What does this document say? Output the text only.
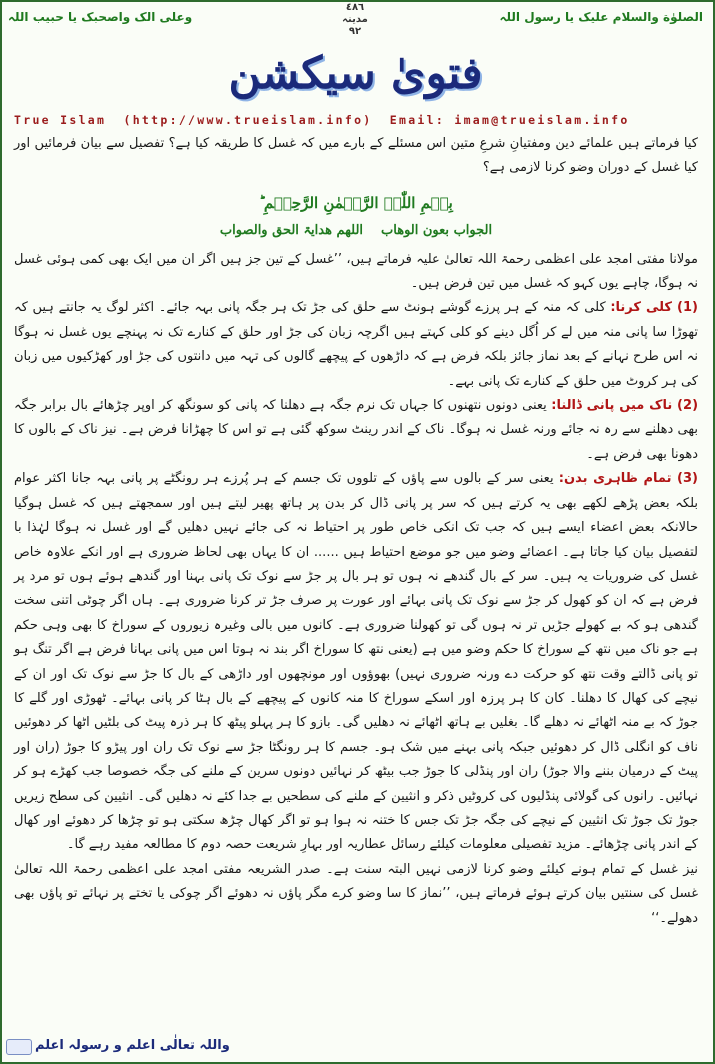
الصلوٰة والسلام علیک یا رسول اللہ
٤٨٦
مدینہ
٩٢
وعلی الک واصحبک یا حبیب اللہ
فتویٰ سیکشن
True Islam (http://www.trueislam.info) Email: imam@trueislam.info

کیا فرماتے ہیں علمائے دین ومفتیانِ شرعِ متین اس مسئلے کے بارے میں کہ غسل کا طریقہ کیا ہے؟ تفصیل سے بیان فرمائیں اور کیا غسل کے دوران وضو کرنا لازمی ہے؟

بِسۡمِ اللّٰہِ الرَّحۡمٰنِ الرَّحِیۡمِ ؕ
الجواب بعون الوھاباللھم ھدایۃ الحق والصواب

مولانا مفتی امجد علی اعظمی رحمۃ اللہ تعالیٰ علیہ فرماتے ہیں، ’’غسل کے تین جز ہیں اگر ان میں ایک بھی کمی ہوئی غسل نہ ہوگا، چاہے یوں کہو کہ غسل میں تین فرض ہیں۔

(1) کلی کرنا: کلی کہ منہ کے ہر پرزے گوشے ہونٹ سے حلق کی جڑ تک ہر جگہ پانی بہہ جائے۔ اکثر لوگ یہ جانتے ہیں کہ تھوڑا سا پانی منہ میں لے کر اُگل دینے کو کلی کہتے ہیں اگرچہ زبان کی جڑ اور حلق کے کنارے تک نہ پہنچے یوں غسل نہ ہوگا نہ اس طرح نہانے کے بعد نماز جائز بلکہ فرض ہے کہ داڑھوں کے پیچھے گالوں کی تہہ میں دانتوں کی جڑ اور کھڑکیوں میں زبان کی ہر کروٹ میں حلق کے کنارے تک پانی بہے۔

(2) ناک میں پانی ڈالنا: یعنی دونوں نتھنوں کا جہاں تک نرم جگہ ہے دھلنا کہ پانی کو سونگھ کر اوپر چڑھائے بال برابر جگہ بھی دھلنے سے رہ نہ جائے ورنہ غسل نہ ہوگا۔ ناک کے اندر رینٹ سوکھ گئی ہے تو اس کا چھڑانا فرض ہے۔ نیز ناک کے بالوں کا دھونا بھی فرض ہے۔

(3) تمام ظاہری بدن: یعنی سر کے بالوں سے پاؤں کے تلووں تک جسم کے ہر پُرزے ہر رونگٹے پر پانی بہہ جانا اکثر عوام بلکہ بعض پڑھے لکھے بھی یہ کرتے ہیں کہ سر پر پانی ڈال کر بدن پر ہاتھ پھیر لیتے ہیں اور سمجھتے ہیں کہ غسل ہوگیا حالانکہ بعض اعضاء ایسے ہیں کہ جب تک انکی خاص طور پر احتیاط نہ کی جائے نہیں دھلیں گے اور غسل نہ ہوگا لہٰذا با لتفصیل بیان کیا جاتا ہے۔ اعضائے وضو میں جو موضع احتیاط ہیں ...... ان کا یہاں بھی لحاظ ضروری ہے اور انکے علاوہ خاص غسل کی ضروریات یہ ہیں۔ سر کے بال گندھے نہ ہوں تو ہر بال پر جڑ سے نوک تک پانی بہنا اور گندھے ہوئے ہوں تو مرد پر فرض ہے کہ ان کو کھول کر جڑ سے نوک تک پانی بہائے اور عورت پر صرف جڑ تر کرنا ضروری ہے۔ ہاں اگر چوٹی اتنی سخت گندھی ہو کہ بے کھولے جڑیں تر نہ ہوں گی تو کھولنا ضروری ہے۔ کانوں میں بالی وغیرہ زیوروں کے سوراخ کا بھی وہی حکم ہے جو ناک میں نتھ کے سوراخ کا حکم وضو میں ہے (یعنی نتھ کا سوراخ اگر بند نہ ہوتا اس میں پانی بہانا فرض ہے اگر تنگ ہو تو پانی ڈالتے وقت نتھ کو حرکت دے ورنہ ضروری نہیں) بھوؤوں اور مونچھوں اور داڑھی کے بال کا جڑ سے نوک تک اور ان کے نیچے کی کھال کا دھلنا۔ کان کا ہر پرزہ اور اسکے سوراخ کا منہ کانوں کے پیچھے کے بال ہٹا کر پانی بہائے۔ ٹھوڑی اور گلے کا جوڑ کہ بے منہ اٹھائے نہ دھلے گا۔ بغلیں بے ہاتھ اٹھائے نہ دھلیں گی۔ بازو کا ہر پہلو پیٹھ کا ہر ذرہ پیٹ کی بلٹیں اٹھا کر دھوئیں ناف کو انگلی ڈال کر دھوئیں جبکہ پانی بہنے میں شک ہو۔ جسم کا ہر رونگٹا جڑ سے نوک تک ران اور پیڑو کا جوڑ (ران اور پیٹ کے درمیان بننے والا جوڑ) ران اور پنڈلی کا جوڑ جب بیٹھ کر نہائیں دونوں سرین کے ملنے کی جگہ خصوصا جب کھڑے ہو کر نہائیں۔ رانوں کی گولائی پنڈلیوں کی کروٹیں ذکر و انثیین کے ملنے کی سطحیں بے جدا کئے نہ دھلیں گی۔ انثیین کی سطح زیریں جوڑ تک جوڑ تک انثیین کے نیچے کی جگہ جڑ تک جس کا ختنہ نہ ہوا ہو تو اگر کھال چڑھ سکتی ہو تو چڑھا کر دھوئے اور کھال کے اندر پانی چڑھائے۔ مزید تفصیلی معلومات کیلئے رسائل عطاریہ اور بہارِ شریعت حصہ دوم کا مطالعہ مفید رہے گا۔

نیز غسل کے تمام ہونے کیلئے وضو کرنا لازمی نہیں البتہ سنت ہے۔ صدر الشریعہ مفتی امجد علی اعظمی رحمۃ اللہ تعالیٰ غسل کی سنتیں بیان کرتے ہوئے فرماتے ہیں، ’’نماز کا سا وضو کرے مگر پاؤں نہ دھوئے اگر چوکی یا تختے پر نہائے تو پاؤں بھی دھولے۔‘‘

واللہ تعالٰی اعلم و رسولہ اعلم
